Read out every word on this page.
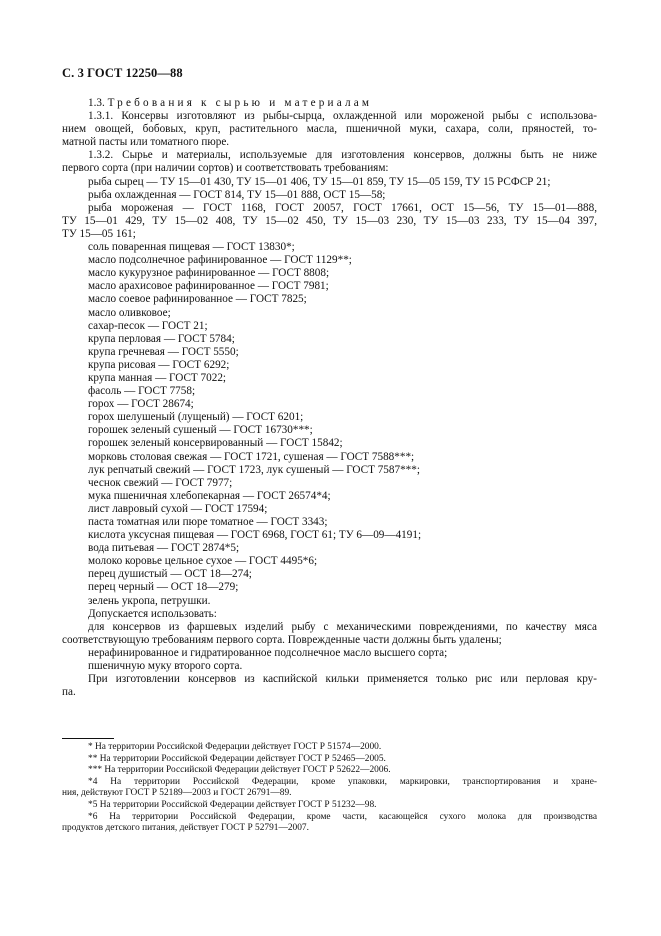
С. 3 ГОСТ 12250—88

1.3. Требования к сырью и материалам

1.3.1. Консервы изготовляют из рыбы-сырца, охлажденной или мороженой рыбы с использова-

нием овощей, бобовых, круп, растительного масла, пшеничной муки, сахара, соли, пряностей, то-

матной пасты или томатного пюре.

1.3.2. Сырье и материалы, используемые для изготовления консервов, должны быть не ниже

первого сорта (при наличии сортов) и соответствовать требованиям:

рыба сырец — ТУ 15—01 430, ТУ 15—01 406, ТУ 15—01 859, ТУ 15—05 159, ТУ 15 РСФСР 21;

рыба охлажденная — ГОСТ 814, ТУ 15—01 888, ОСТ 15—58;

рыба мороженая — ГОСТ 1168, ГОСТ 20057, ГОСТ 17661, ОСТ 15—56, ТУ 15—01—888,

ТУ 15—01 429, ТУ 15—02 408, ТУ 15—02 450, ТУ 15—03 230, ТУ 15—03 233, ТУ 15—04 397,

ТУ 15—05 161;

соль поваренная пищевая — ГОСТ 13830*;

масло подсолнечное рафинированное — ГОСТ 1129**;

масло кукурузное рафинированное — ГОСТ 8808;

масло арахисовое рафинированное — ГОСТ 7981;

масло соевое рафинированное — ГОСТ 7825;

масло оливковое;

сахар-песок — ГОСТ 21;

крупа перловая — ГОСТ 5784;

крупа гречневая — ГОСТ 5550;

крупа рисовая — ГОСТ 6292;

крупа манная — ГОСТ 7022;

фасоль — ГОСТ 7758;

горох — ГОСТ 28674;

горох шелушеный (лущеный) — ГОСТ 6201;

горошек зеленый сушеный — ГОСТ 16730***;

горошек зеленый консервированный — ГОСТ 15842;

морковь столовая свежая — ГОСТ 1721, сушеная — ГОСТ 7588***;

лук репчатый свежий — ГОСТ 1723, лук сушеный — ГОСТ 7587***;

чеснок свежий — ГОСТ 7977;

мука пшеничная хлебопекарная — ГОСТ 26574*4;

лист лавровый сухой — ГОСТ 17594;

паста томатная или пюре томатное — ГОСТ 3343;

кислота уксусная пищевая — ГОСТ 6968, ГОСТ 61; ТУ 6—09—4191;

вода питьевая — ГОСТ 2874*5;

молоко коровье цельное сухое — ГОСТ 4495*6;

перец душистый — ОСТ 18—274;

перец черный — ОСТ 18—279;

зелень укропа, петрушки.

Допускается использовать:

для консервов из фаршевых изделий рыбу с механическими повреждениями, по качеству мяса

соответствующую требованиям первого сорта. Поврежденные части должны быть удалены;

нерафинированное и гидратированное подсолнечное масло высшего сорта;

пшеничную муку второго сорта.

При изготовлении консервов из каспийской кильки применяется только рис или перловая кру-

па.

* На территории Российской Федерации действует ГОСТ Р 51574—2000.

** На территории Российской Федерации действует ГОСТ Р 52465—2005.

*** На территории Российской Федерации действует ГОСТ Р 52622—2006.

*4 На территории Российской Федерации, кроме упаковки, маркировки, транспортирования и хране-

ния, действуют ГОСТ Р 52189—2003 и ГОСТ 26791—89.

*5 На территории Российской Федерации действует ГОСТ Р 51232—98.

*6 На территории Российской Федерации, кроме части, касающейся сухого молока для производства

продуктов детского питания, действует ГОСТ Р 52791—2007.
